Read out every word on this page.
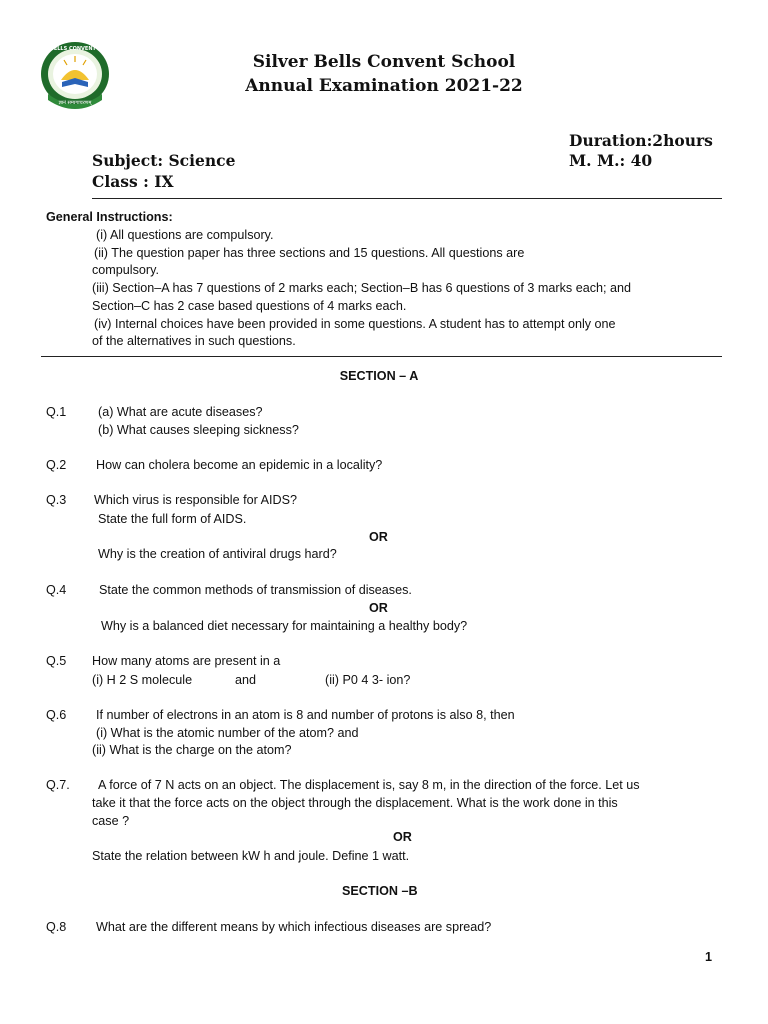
SILVER BELLS CONVENT SCHOOL
ज्ञानं सम्यगाचरणम्
Silver Bells Convent School
Annual Examination 2021-22
Duration:2hours
Subject: Science	M. M.: 40
Class : IX
General Instructions:
(i) All questions are compulsory.
(ii) The question paper has three sections and 15 questions. All questions are
compulsory.
(iii) Section–A has 7 questions of 2 marks each; Section–B has 6 questions of 3 marks each; and
Section–C has 2 case based questions of 4 marks each.
(iv) Internal choices have been provided in some questions. A student has to attempt only one
of the alternatives in such questions.
SECTION – A
Q.1	(a) What are acute diseases?
(b) What causes sleeping sickness?
Q.2 How can cholera become an epidemic in a locality?
Q.3 Which virus is responsible for AIDS?
State the full form of AIDS.
OR
Why is the creation of antiviral drugs hard?
Q.4	State the common methods of transmission of diseases.
OR
Why is a balanced diet necessary for maintaining a healthy body?
Q.5 How many atoms are present in a
(i) H 2 S molecule	and	(ii) P0 4 3- ion?
Q.6 If number of electrons in an atom is 8 and number of protons is also 8, then
(i) What is the atomic number of the atom? and
(ii) What is the charge on the atom?
Q.7. A force of 7 N acts on an object. The displacement is, say 8 m, in the direction of the force. Let us
take it that the force acts on the object through the displacement. What is the work done in this
case ?
OR
State the relation between kW h and joule. Define 1 watt.
SECTION –B
Q.8 What are the different means by which infectious diseases are spread?
1
